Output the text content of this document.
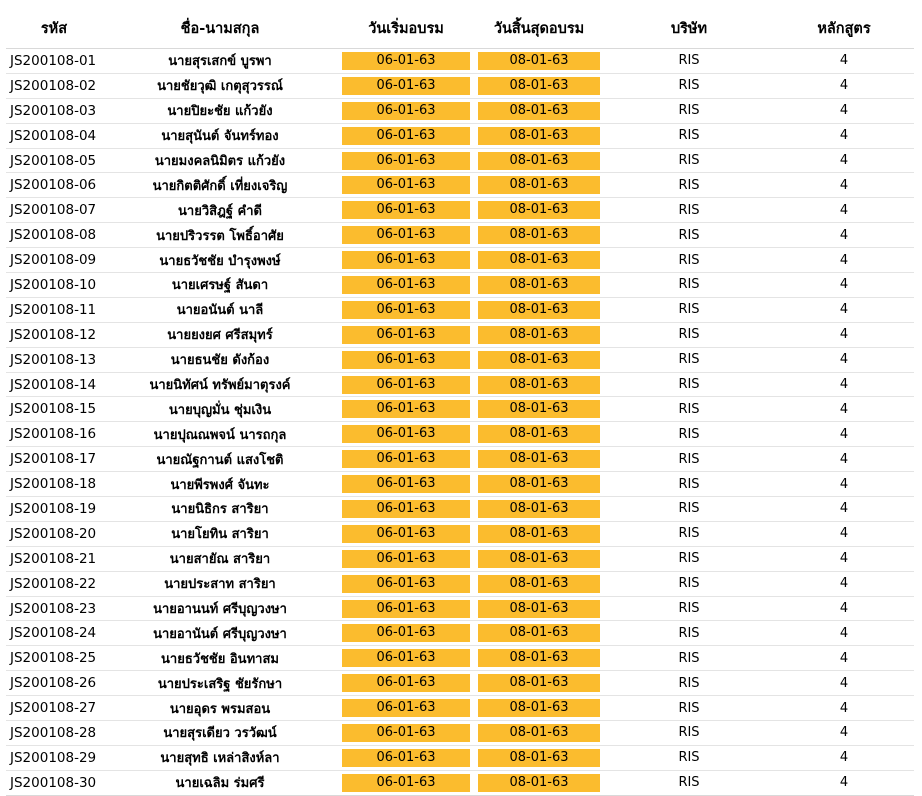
รหัส	ชื่อ-นามสกุล	วันเริ่มอบรม	วันสิ้นสุดอบรม	บริษัท	หลักสูตร
JS200108-01	นายสุรเสกข์ บูรพา	06-01-63	08-01-63	RIS	4
JS200108-02	นายชัยวุฒิ เกตุสุวรรณ์	06-01-63	08-01-63	RIS	4
JS200108-03	นายปิยะชัย แก้วยัง	06-01-63	08-01-63	RIS	4
JS200108-04	นายสุนันต์ จันทร์ทอง	06-01-63	08-01-63	RIS	4
JS200108-05	นายมงคลนิมิตร แก้วยัง	06-01-63	08-01-63	RIS	4
JS200108-06	นายกิตติศักดิ์ เที่ยงเจริญ	06-01-63	08-01-63	RIS	4
JS200108-07	นายวิสิฎฐ์ คำดี	06-01-63	08-01-63	RIS	4
JS200108-08	นายปริวรรต โพธิ์อาศัย	06-01-63	08-01-63	RIS	4
JS200108-09	นายธวัชชัย บำรุงพงษ์	06-01-63	08-01-63	RIS	4
JS200108-10	นายเศรษฐ์ สันดา	06-01-63	08-01-63	RIS	4
JS200108-11	นายอนันต์ นาลี	06-01-63	08-01-63	RIS	4
JS200108-12	นายยงยศ ศรีสมุทร์	06-01-63	08-01-63	RIS	4
JS200108-13	นายธนชัย ดังก้อง	06-01-63	08-01-63	RIS	4
JS200108-14	นายนิทัศน์ ทรัพย์มาตุรงค์	06-01-63	08-01-63	RIS	4
JS200108-15	นายบุญมั่น ชุ่มเงิน	06-01-63	08-01-63	RIS	4
JS200108-16	นายปุณณพจน์ นารถกุล	06-01-63	08-01-63	RIS	4
JS200108-17	นายณัฐกานต์ แสงโชติ	06-01-63	08-01-63	RIS	4
JS200108-18	นายพีรพงศ์ จันทะ	06-01-63	08-01-63	RIS	4
JS200108-19	นายนิธิกร สาริยา	06-01-63	08-01-63	RIS	4
JS200108-20	นายโยทิน สาริยา	06-01-63	08-01-63	RIS	4
JS200108-21	นายสายัณ สาริยา	06-01-63	08-01-63	RIS	4
JS200108-22	นายประสาท สาริยา	06-01-63	08-01-63	RIS	4
JS200108-23	นายอานนท์ ศรีบุญวงษา	06-01-63	08-01-63	RIS	4
JS200108-24	นายอานันต์ ศรีบุญวงษา	06-01-63	08-01-63	RIS	4
JS200108-25	นายธวัชชัย อินทาสม	06-01-63	08-01-63	RIS	4
JS200108-26	นายประเสริฐ ชัยรักษา	06-01-63	08-01-63	RIS	4
JS200108-27	นายอุดร พรมสอน	06-01-63	08-01-63	RIS	4
JS200108-28	นายสุรเดียว วรวัฒน์	06-01-63	08-01-63	RIS	4
JS200108-29	นายสุทธิ เหล่าสิงห์ลา	06-01-63	08-01-63	RIS	4
JS200108-30	นายเฉลิม ร่มศรี	06-01-63	08-01-63	RIS	4
